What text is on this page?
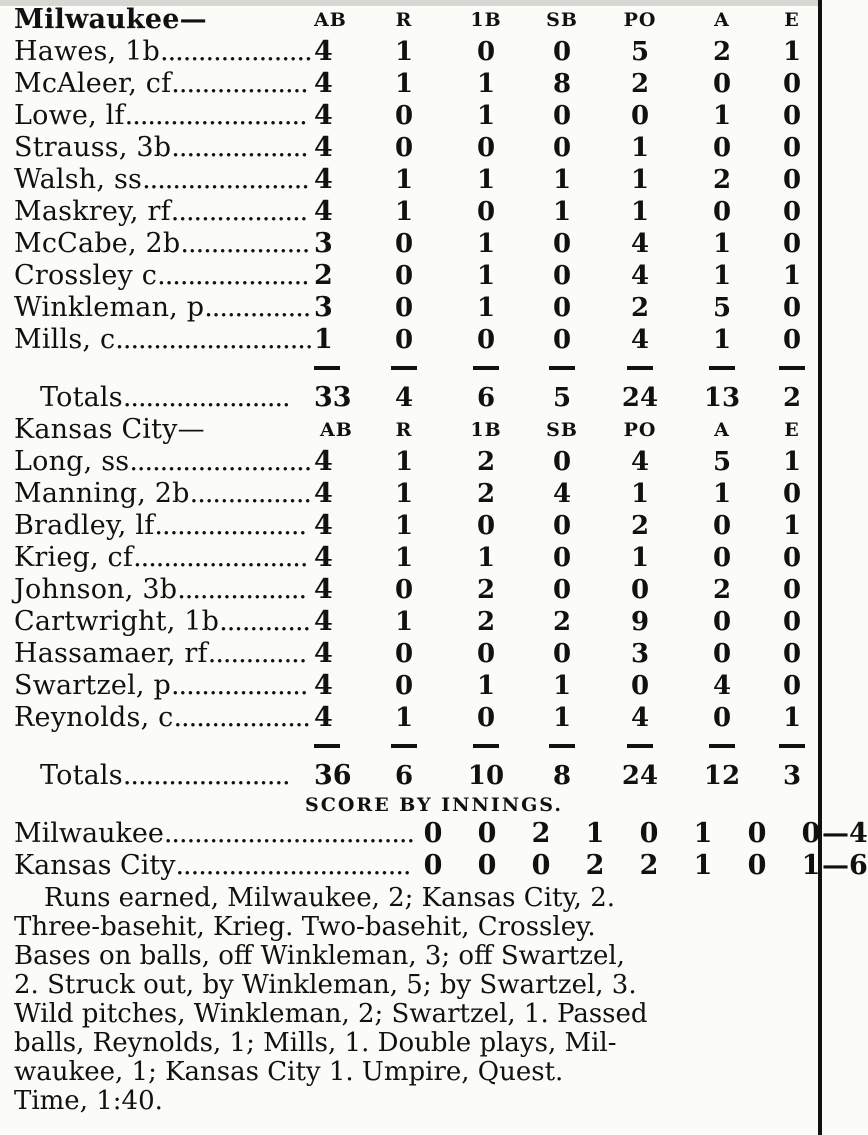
Milwaukee—	AB	R	1B SB PO	A	E
Hawes, 1b.................... 4	1	0	0	5	2	1
McAleer, cf.................. 4	1	1	8	2	0	0
Lowe, lf........................ 4	0	1	0	0	1	0
Strauss, 3b.................. 4	0	0	0	1	0	0
Walsh, ss...................... 4	1	1	1	1	2	0
Maskrey, rf.................. 4	1	0	1	1	0	0
McCabe, 2b................. 3	0	1	0	4	1	0
Crossley c.................... 2	0	1	0	4	1	1
Winkleman, p.............. 3	0	1	0	2	5	0
Mills, c.......................... 1	0	0	0	4	1	0
Totals...................... 33	4	6	5	24 13	2
Kansas City—	AB	R	1B SB PO	A	E
Long, ss........................ 4	1	2	0	4	5	1
Manning, 2b................ 4	1	2	4	1	1	0
Bradley, lf.................... 4	1	0	0	2	0	1
Krieg, cf....................... 4	1	1	0	1	0	0
Johnson, 3b................. 4	0	2	0	0	2	0
Cartwright, 1b............ 4	1	2	2	9	0	0
Hassamaer, rf............. 4	0	0	0	3	0	0
Swartzel, p.................. 4	0	1	1	0	4	0
Reynolds, c.................. 4	1	0	1	4	0	1
Totals...................... 36	6	10	8	24 12	3
SCORE BY INNINGS.
Milwaukee................................. 0 0 2 1 0 1 0 0 —4
Kansas City............................... 0 0 0 2 2 1 0 1 —6
Runs earned, Milwaukee, 2; Kansas City, 2.
Three-basehit, Krieg. Two-basehit, Crossley.
Bases on balls, off Winkleman, 3; off Swartzel,
2. Struck out, by Winkleman, 5; by Swartzel, 3.
Wild pitches, Winkleman, 2; Swartzel, 1. Passed
balls, Reynolds, 1; Mills, 1. Double plays, Mil-
waukee, 1; Kansas City 1. Umpire, Quest.
Time, 1:40.
